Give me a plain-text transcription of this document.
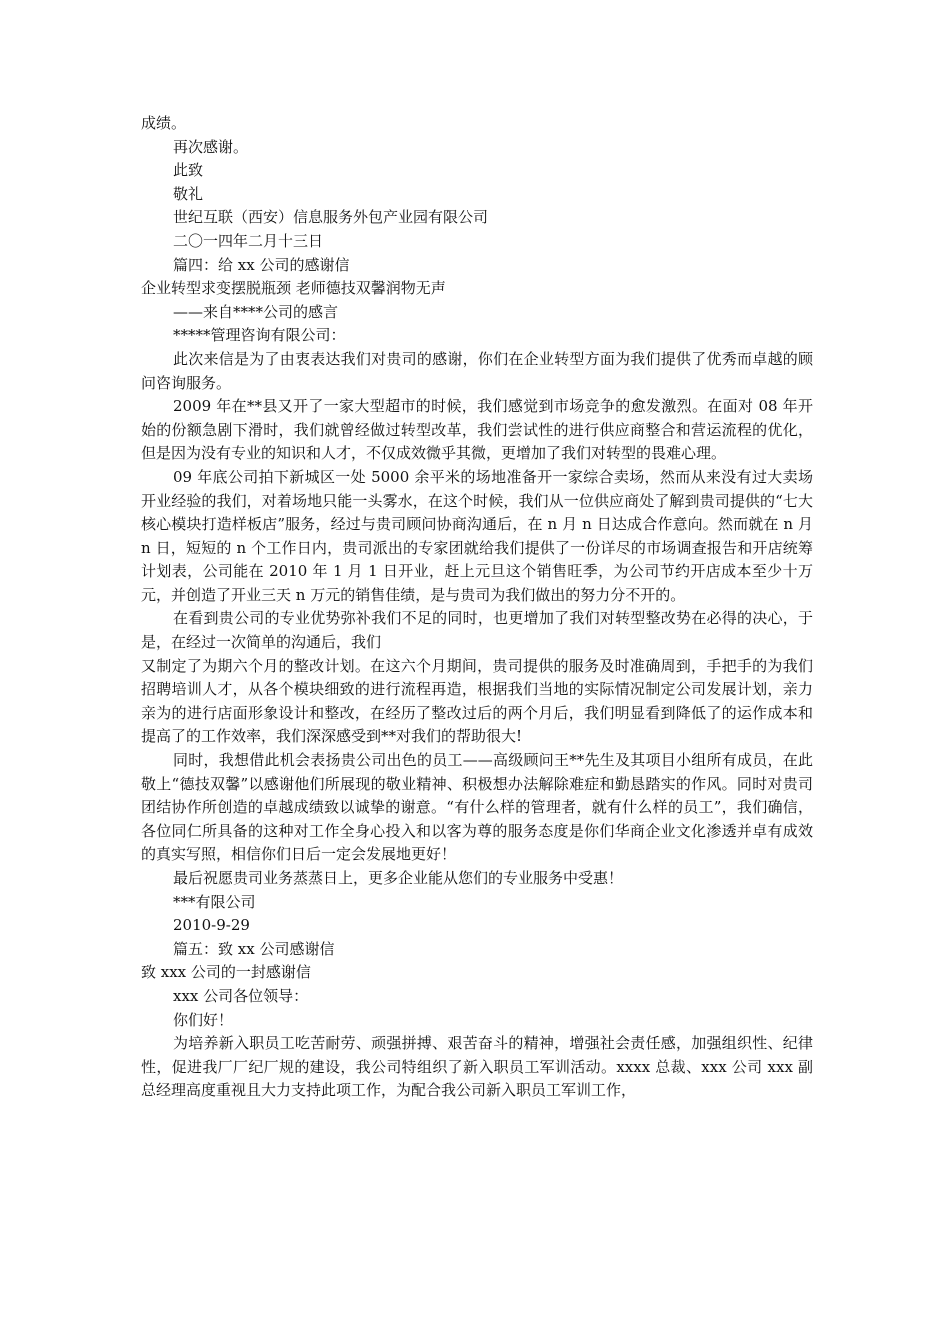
成绩。

再次感谢。

此致

敬礼

世纪互联（西安）信息服务外包产业园有限公司

二〇一四年二月十三日

篇四：给 xx 公司的感谢信

企业转型求变摆脱瓶颈 老师德技双馨润物无声

——来自****公司的感言

*****管理咨询有限公司：

此次来信是为了由衷表达我们对贵司的感谢，你们在企业转型方面为我们提供了优秀而卓越的顾问咨询服务。

2009 年在**县又开了一家大型超市的时候，我们感觉到市场竞争的愈发激烈。在面对 08 年开始的份额急剧下滑时，我们就曾经做过转型改革，我们尝试性的进行供应商整合和营运流程的优化，但是因为没有专业的知识和人才，不仅成效微乎其微，更增加了我们对转型的畏难心理。

09 年底公司拍下新城区一处 5000 余平米的场地准备开一家综合卖场，然而从来没有过大卖场开业经验的我们，对着场地只能一头雾水，在这个时候，我们从一位供应商处了解到贵司提供的“七大核心模块打造样板店”服务，经过与贵司顾问协商沟通后，在 n 月 n 日达成合作意向。然而就在 n 月 n 日，短短的 n 个工作日内，贵司派出的专家团就给我们提供了一份详尽的市场调查报告和开店统筹计划表，公司能在 2010 年 1 月 1 日开业，赶上元旦这个销售旺季，为公司节约开店成本至少十万元，并创造了开业三天 n 万元的销售佳绩，是与贵司为我们做出的努力分不开的。

在看到贵公司的专业优势弥补我们不足的同时，也更增加了我们对转型整改势在必得的决心，于是，在经过一次简单的沟通后，我们

又制定了为期六个月的整改计划。在这六个月期间，贵司提供的服务及时准确周到，手把手的为我们招聘培训人才，从各个模块细致的进行流程再造，根据我们当地的实际情况制定公司发展计划，亲力亲为的进行店面形象设计和整改，在经历了整改过后的两个月后，我们明显看到降低了的运作成本和提高了的工作效率，我们深深感受到**对我们的帮助很大!

同时，我想借此机会表扬贵公司出色的员工——高级顾问王**先生及其项目小组所有成员，在此敬上“德技双馨”以感谢他们所展现的敬业精神、积极想办法解除难症和勤恳踏实的作风。同时对贵司团结协作所创造的卓越成绩致以诚挚的谢意。“有什么样的管理者，就有什么样的员工”，我们确信，各位同仁所具备的这种对工作全身心投入和以客为尊的服务态度是你们华商企业文化渗透并卓有成效的真实写照，相信你们日后一定会发展地更好！

最后祝愿贵司业务蒸蒸日上，更多企业能从您们的专业服务中受惠！

***有限公司

2010-9-29

篇五：致 xx 公司感谢信

致 xxx 公司的一封感谢信

xxx 公司各位领导：

你们好！

为培养新入职员工吃苦耐劳、顽强拼搏、艰苦奋斗的精神，增强社会责任感，加强组织性、纪律性，促进我厂厂纪厂规的建设，我公司特组织了新入职员工军训活动。xxxx 总裁、xxx 公司 xxx 副总经理高度重视且大力支持此项工作，为配合我公司新入职员工军训工作，
